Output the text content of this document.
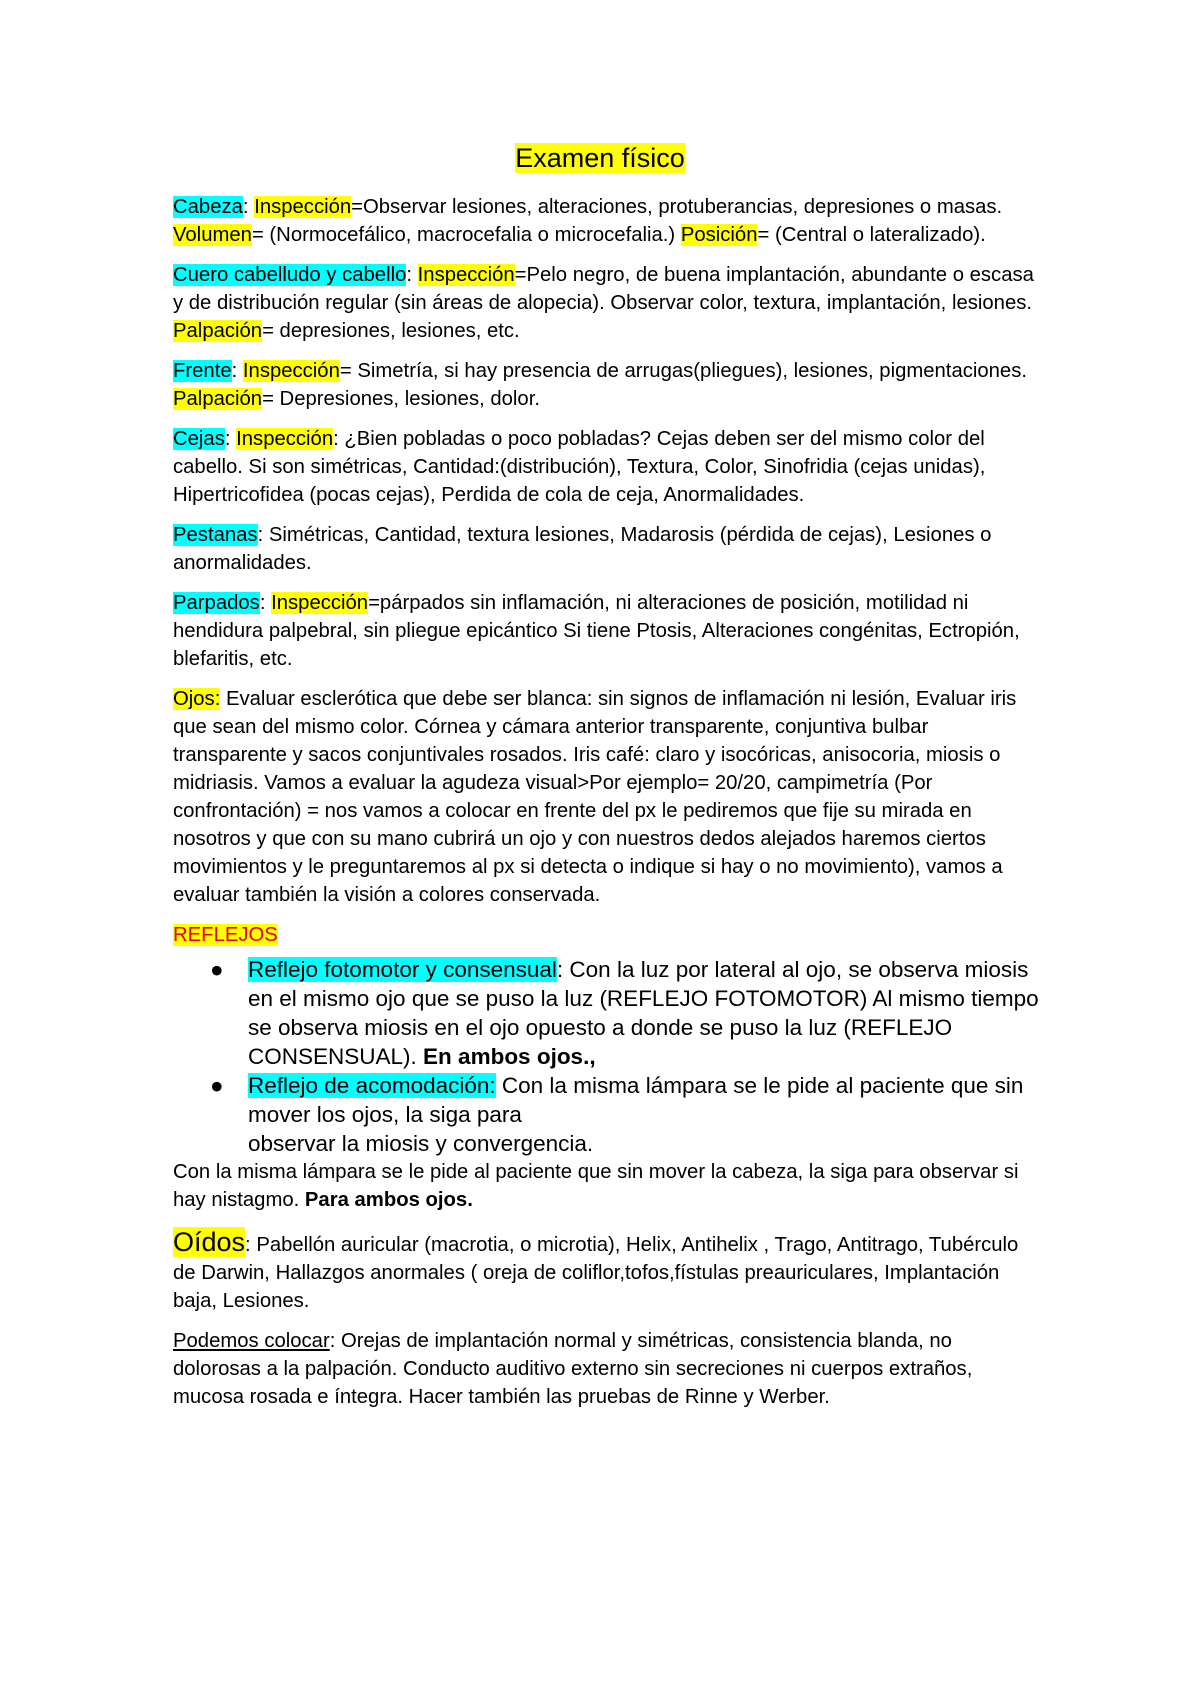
Examen físico

Cabeza: Inspección=Observar lesiones, alteraciones, protuberancias, depresiones o masas. Volumen= (Normocefálico, macrocefalia o microcefalia.) Posición= (Central o lateralizado).

Cuero cabelludo y cabello: Inspección=Pelo negro, de buena implantación, abundante o escasa y de distribución regular (sin áreas de alopecia). Observar color, textura, implantación, lesiones. Palpación= depresiones, lesiones, etc.

Frente: Inspección= Simetría, si hay presencia de arrugas(pliegues), lesiones, pigmentaciones. Palpación= Depresiones, lesiones, dolor.

Cejas: Inspección: ¿Bien pobladas o poco pobladas? Cejas deben ser del mismo color del cabello. Si son simétricas, Cantidad:(distribución), Textura, Color, Sinofridia (cejas unidas), Hipertricofidea (pocas cejas), Perdida de cola de ceja, Anormalidades.

Pestanas: Simétricas, Cantidad, textura lesiones, Madarosis (pérdida de cejas), Lesiones o anormalidades.

Parpados: Inspección=párpados sin inflamación, ni alteraciones de posición, motilidad ni hendidura palpebral, sin pliegue epicántico Si tiene Ptosis, Alteraciones congénitas, Ectropión, blefaritis, etc.

Ojos: Evaluar esclerótica que debe ser blanca: sin signos de inflamación ni lesión, Evaluar iris que sean del mismo color. Córnea y cámara anterior transparente, conjuntiva bulbar transparente y sacos conjuntivales rosados. Iris café: claro y isocóricas, anisocoria, miosis o midriasis. Vamos a evaluar la agudeza visual>Por ejemplo= 20/20, campimetría (Por confrontación) = nos vamos a colocar en frente del px le pediremos que fije su mirada en nosotros y que con su mano cubrirá un ojo y con nuestros dedos alejados haremos ciertos movimientos y le preguntaremos al px si detecta o indique si hay o no movimiento), vamos a evaluar también la visión a colores conservada.

REFLEJOS

● Reflejo fotomotor y consensual: Con la luz por lateral al ojo, se observa miosis en el mismo ojo que se puso la luz (REFLEJO FOTOMOTOR) Al mismo tiempo se observa miosis en el ojo opuesto a donde se puso la luz (REFLEJO CONSENSUAL). En ambos ojos.,
● Reflejo de acomodación: Con la misma lámpara se le pide al paciente que sin mover los ojos, la siga para
observar la miosis y convergencia.

Con la misma lámpara se le pide al paciente que sin mover la cabeza, la siga para observar si hay nistagmo. Para ambos ojos.

Oídos: Pabellón auricular (macrotia, o microtia), Helix, Antihelix , Trago, Antitrago, Tubérculo de Darwin, Hallazgos anormales ( oreja de coliflor,tofos,fístulas preauriculares, Implantación baja, Lesiones.

Podemos colocar: Orejas de implantación normal y simétricas, consistencia blanda, no dolorosas a la palpación. Conducto auditivo externo sin secreciones ni cuerpos extraños, mucosa rosada e íntegra. Hacer también las pruebas de Rinne y Werber.
